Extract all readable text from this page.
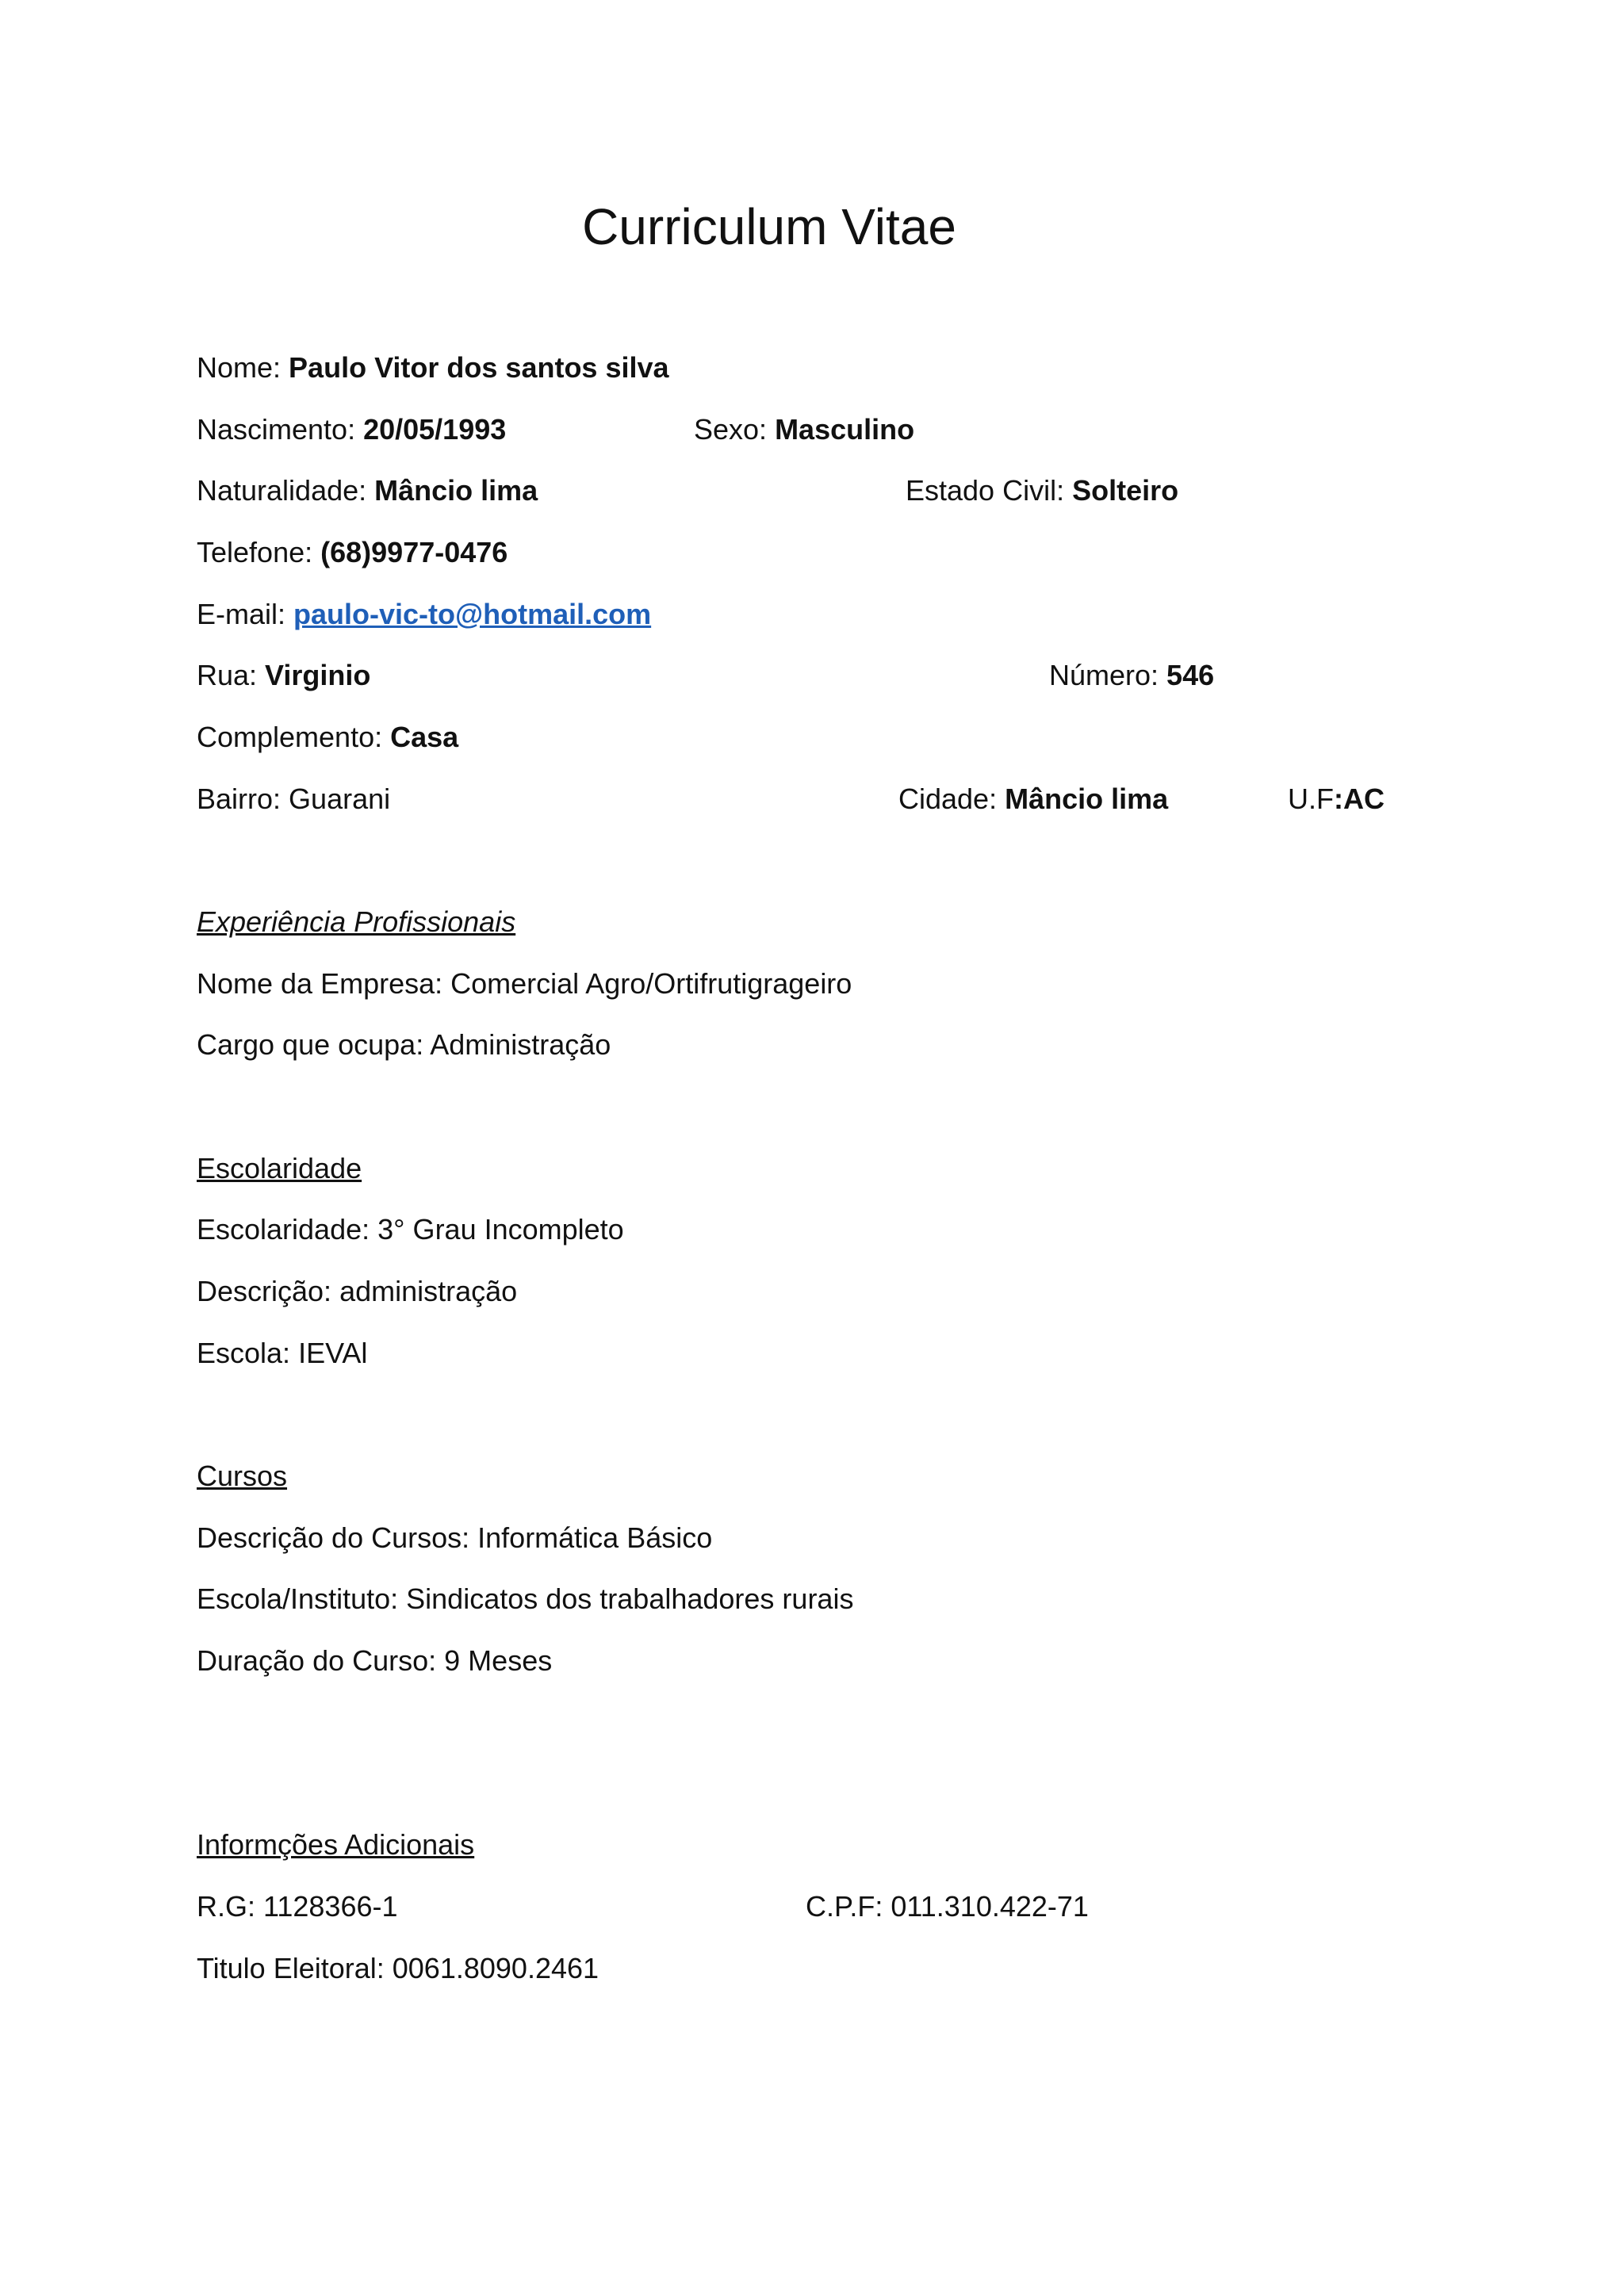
Curriculum Vitae
Nome: Paulo Vitor dos santos silva
Nascimento: 20/05/1993	Sexo: Masculino
Naturalidade: Mâncio lima	Estado Civil: Solteiro
Telefone: (68)9977-0476
E-mail: paulo-vic-to@hotmail.com
Rua: Virginio	Número: 546
Complemento: Casa
Bairro: Guarani	Cidade: Mâncio lima	U.F:AC
Experiência Profissionais
Nome da Empresa: Comercial Agro/Ortifrutigrageiro
Cargo que ocupa: Administração
Escolaridade
Escolaridade: 3° Grau Incompleto
Descrição: administração
Escola: IEVAl
Cursos
Descrição do Cursos: Informática Básico
Escola/Instituto: Sindicatos dos trabalhadores rurais
Duração do Curso: 9 Meses
Informções Adicionais
R.G: 1128366-1	C.P.F: 011.310.422-71
Titulo Eleitoral: 0061.8090.2461
